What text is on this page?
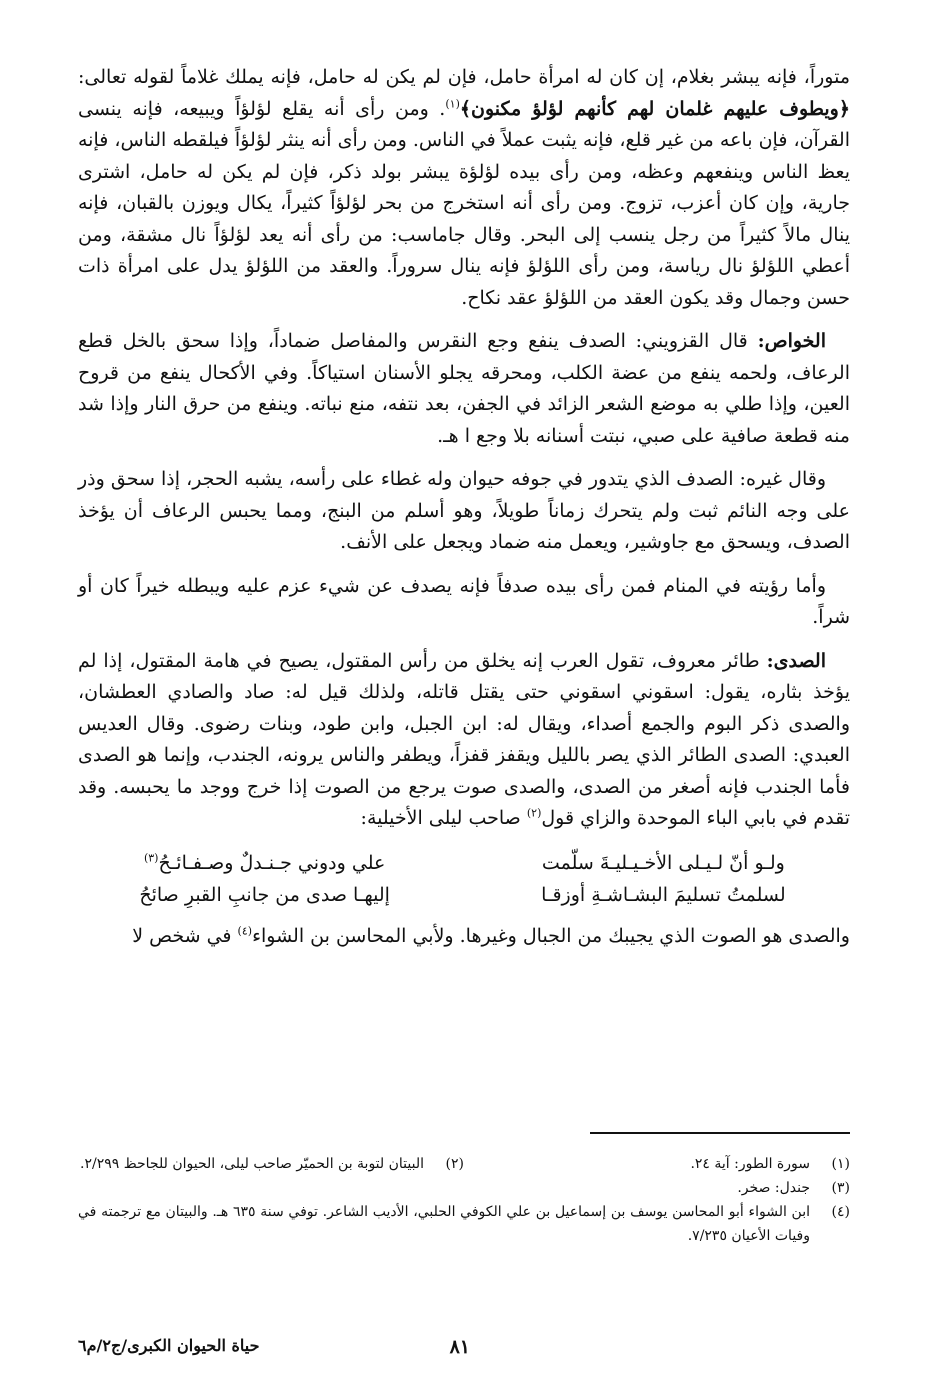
متوراً، فإنه يبشر بغلام، إن كان له امرأة حامل، فإن لم يكن له حامل، فإنه يملك غلاماً لقوله تعالى: ﴿ويطوف عليهم غلمان لهم كأنهم لؤلؤ مكنون﴾$^{(١)}$. ومن رأى أنه يقلع لؤلؤاً ويبيعه، فإنه ينسى القرآن، فإن باعه من غير قلع، فإنه يثبت عملاً في الناس. ومن رأى أنه ينثر لؤلؤاً فيلقطه الناس، فإنه يعظ الناس وينفعهم وعظه، ومن رأى بيده لؤلؤة يبشر بولد ذكر، فإن لم يكن له حامل، اشترى جارية، وإن كان أعزب، تزوج. ومن رأى أنه استخرج من بحر لؤلؤاً كثيراً، يكال ويوزن بالقبان، فإنه ينال مالاً كثيراً من رجل ينسب إلى البحر. وقال جاماسب: من رأى أنه يعد لؤلؤاً نال مشقة، ومن أعطي اللؤلؤ نال رياسة، ومن رأى اللؤلؤ فإنه ينال سروراً. والعقد من اللؤلؤ يدل على امرأة ذات حسن وجمال وقد يكون العقد من اللؤلؤ عقد نكاح.

الخواص: قال القزويني: الصدف ينفع وجع النقرس والمفاصل ضماداً، وإذا سحق بالخل قطع الرعاف، ولحمه ينفع من عضة الكلب، ومحرقه يجلو الأسنان استياكاً. وفي الأكحال ينفع من قروح العين، وإذا طلي به موضع الشعر الزائد في الجفن، بعد نتفه، منع نباته. وينفع من حرق النار وإذا شد منه قطعة صافية على صبي، نبتت أسنانه بلا وجع ا هـ.

وقال غيره: الصدف الذي يتدور في جوفه حيوان وله غطاء على رأسه، يشبه الحجر، إذا سحق وذر على وجه النائم ثبت ولم يتحرك زماناً طويلاً، وهو أسلم من البنج، ومما يحبس الرعاف أن يؤخذ الصدف، ويسحق مع جاوشير، ويعمل منه ضماد ويجعل على الأنف.

وأما رؤيته في المنام فمن رأى بيده صدفاً فإنه يصدف عن شيء عزم عليه ويبطله خيراً كان أو شراً.

الصدى: طائر معروف، تقول العرب إنه يخلق من رأس المقتول، يصيح في هامة المقتول، إذا لم يؤخذ بثاره، يقول: اسقوني اسقوني حتى يقتل قاتله، ولذلك قيل له: صاد والصادي العطشان، والصدى ذكر البوم والجمع أصداء، ويقال له: ابن الجبل، وابن طود، وبنات رضوى. وقال العديس العبدي: الصدى الطائر الذي يصر بالليل ويقفز قفزاً، ويطفر والناس يرونه، الجندب، وإنما هو الصدى فأما الجندب فإنه أصغر من الصدى، والصدى صوت يرجع من الصوت إذا خرج ووجد ما يحبسه. وقد تقدم في بابي الباء الموحدة والزاي قول$^{(٢)}$ صاحب ليلى الأخيلية:

ولـو أنّ لـيـلى الأخـيـليـةَ سلّمت
علي ودوني جـنـدلٌ وصـفـائـحُ$^{(٣)}$
لسلمتُ تسليمَ البشـاشـةِ أوزقـا
إليهـا صدى من جانبِ القبرِ صائحُ

والصدى هو الصوت الذي يجيبك من الجبال وغيرها. ولأبي المحاسن بن الشواء$^{(٤)}$ في شخص لا

(١)
سورة الطور: آية ٢٤.
(٢)
البيتان لتوبة بن الحميّر صاحب ليلى، الحيوان للجاحظ ٢/٢٩٩.
(٣)
جندل: صخر.
(٤)
ابن الشواء أبو المحاسن يوسف بن إسماعيل بن علي الكوفي الحلبي، الأديب الشاعر. توفي سنة ٦٣٥ هـ. والبيتان مع ترجمته في وفيات الأعيان ٧/٢٣٥.
٨١
حياة الحيوان الكبرى/ج٢/م٦
